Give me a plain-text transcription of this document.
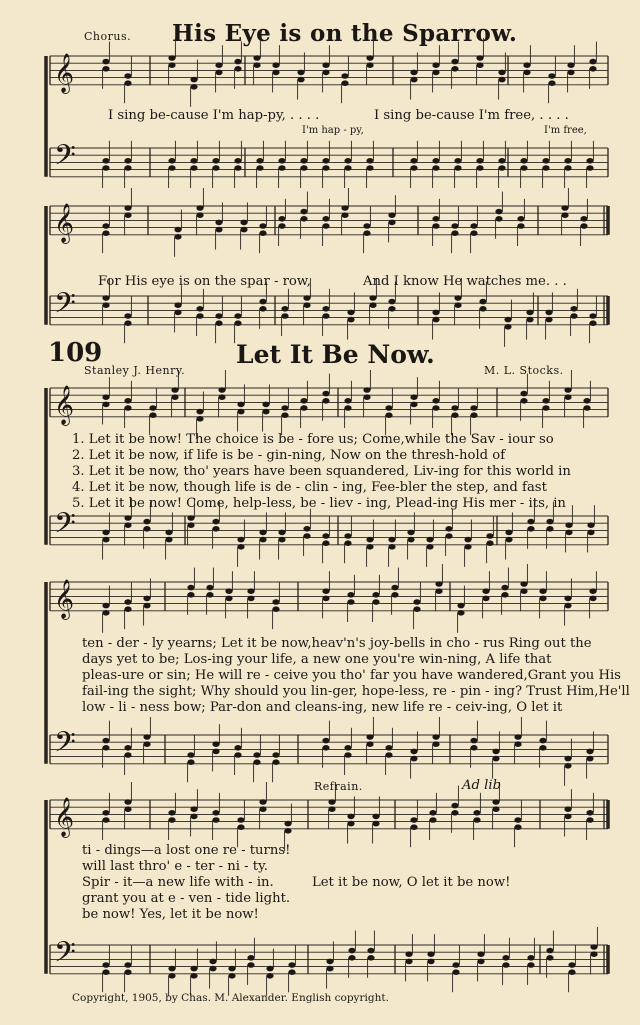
Chorus. His Eye is on the Sparrow.
𝄞
𝄢
𝄞
𝄢
𝄞
𝄢
𝄞
𝄢
𝄞
𝄢
I sing be-cause I'm hap-py, . . . .	I sing be-cause I'm free, . . . .
I'm hap - py,	I'm free,
For His eye is on the spar - row,	And I know He watches me. . .
109	Let It Be Now.
Stanley J. Henry.	M. L. Stocks.
1. Let it be now! The choice is be - fore us; Come,while the Sav - iour so
2. Let it be now, if life is be - gin-ning, Now on the thresh-hold of
3. Let it be now, tho' years have been squandered, Liv-ing for this world in
4. Let it be now, though life is de - clin - ing, Fee-bler the step, and fast
5. Let it be now! Come, help-less, be - liev - ing, Plead-ing His mer - its, in
ten - der - ly yearns; Let it be now,heav'n's joy-bells in cho - rus Ring out the
days yet to be; Los-ing your life, a new one you're win-ning, A life that
pleas-ure or sin; He will re - ceive you tho' far you have wandered,Grant you His
fail-ing the sight; Why should you lin-ger, hope-less, re - pin - ing? Trust Him,He'll
low - li - ness bow; Par-don and cleans-ing, new life re - ceiv-ing, O let it
Refrain.	Ad lib
ti - dings—a lost one re - turns!
will last thro' e - ter - ni - ty.
Spir - it—a new life with - in.
grant you at e - ven - tide light.
be now! Yes, let it be now!
Let it be now, O let it be now!
Copyright, 1905, by Chas. M. Alexander. English copyright.
